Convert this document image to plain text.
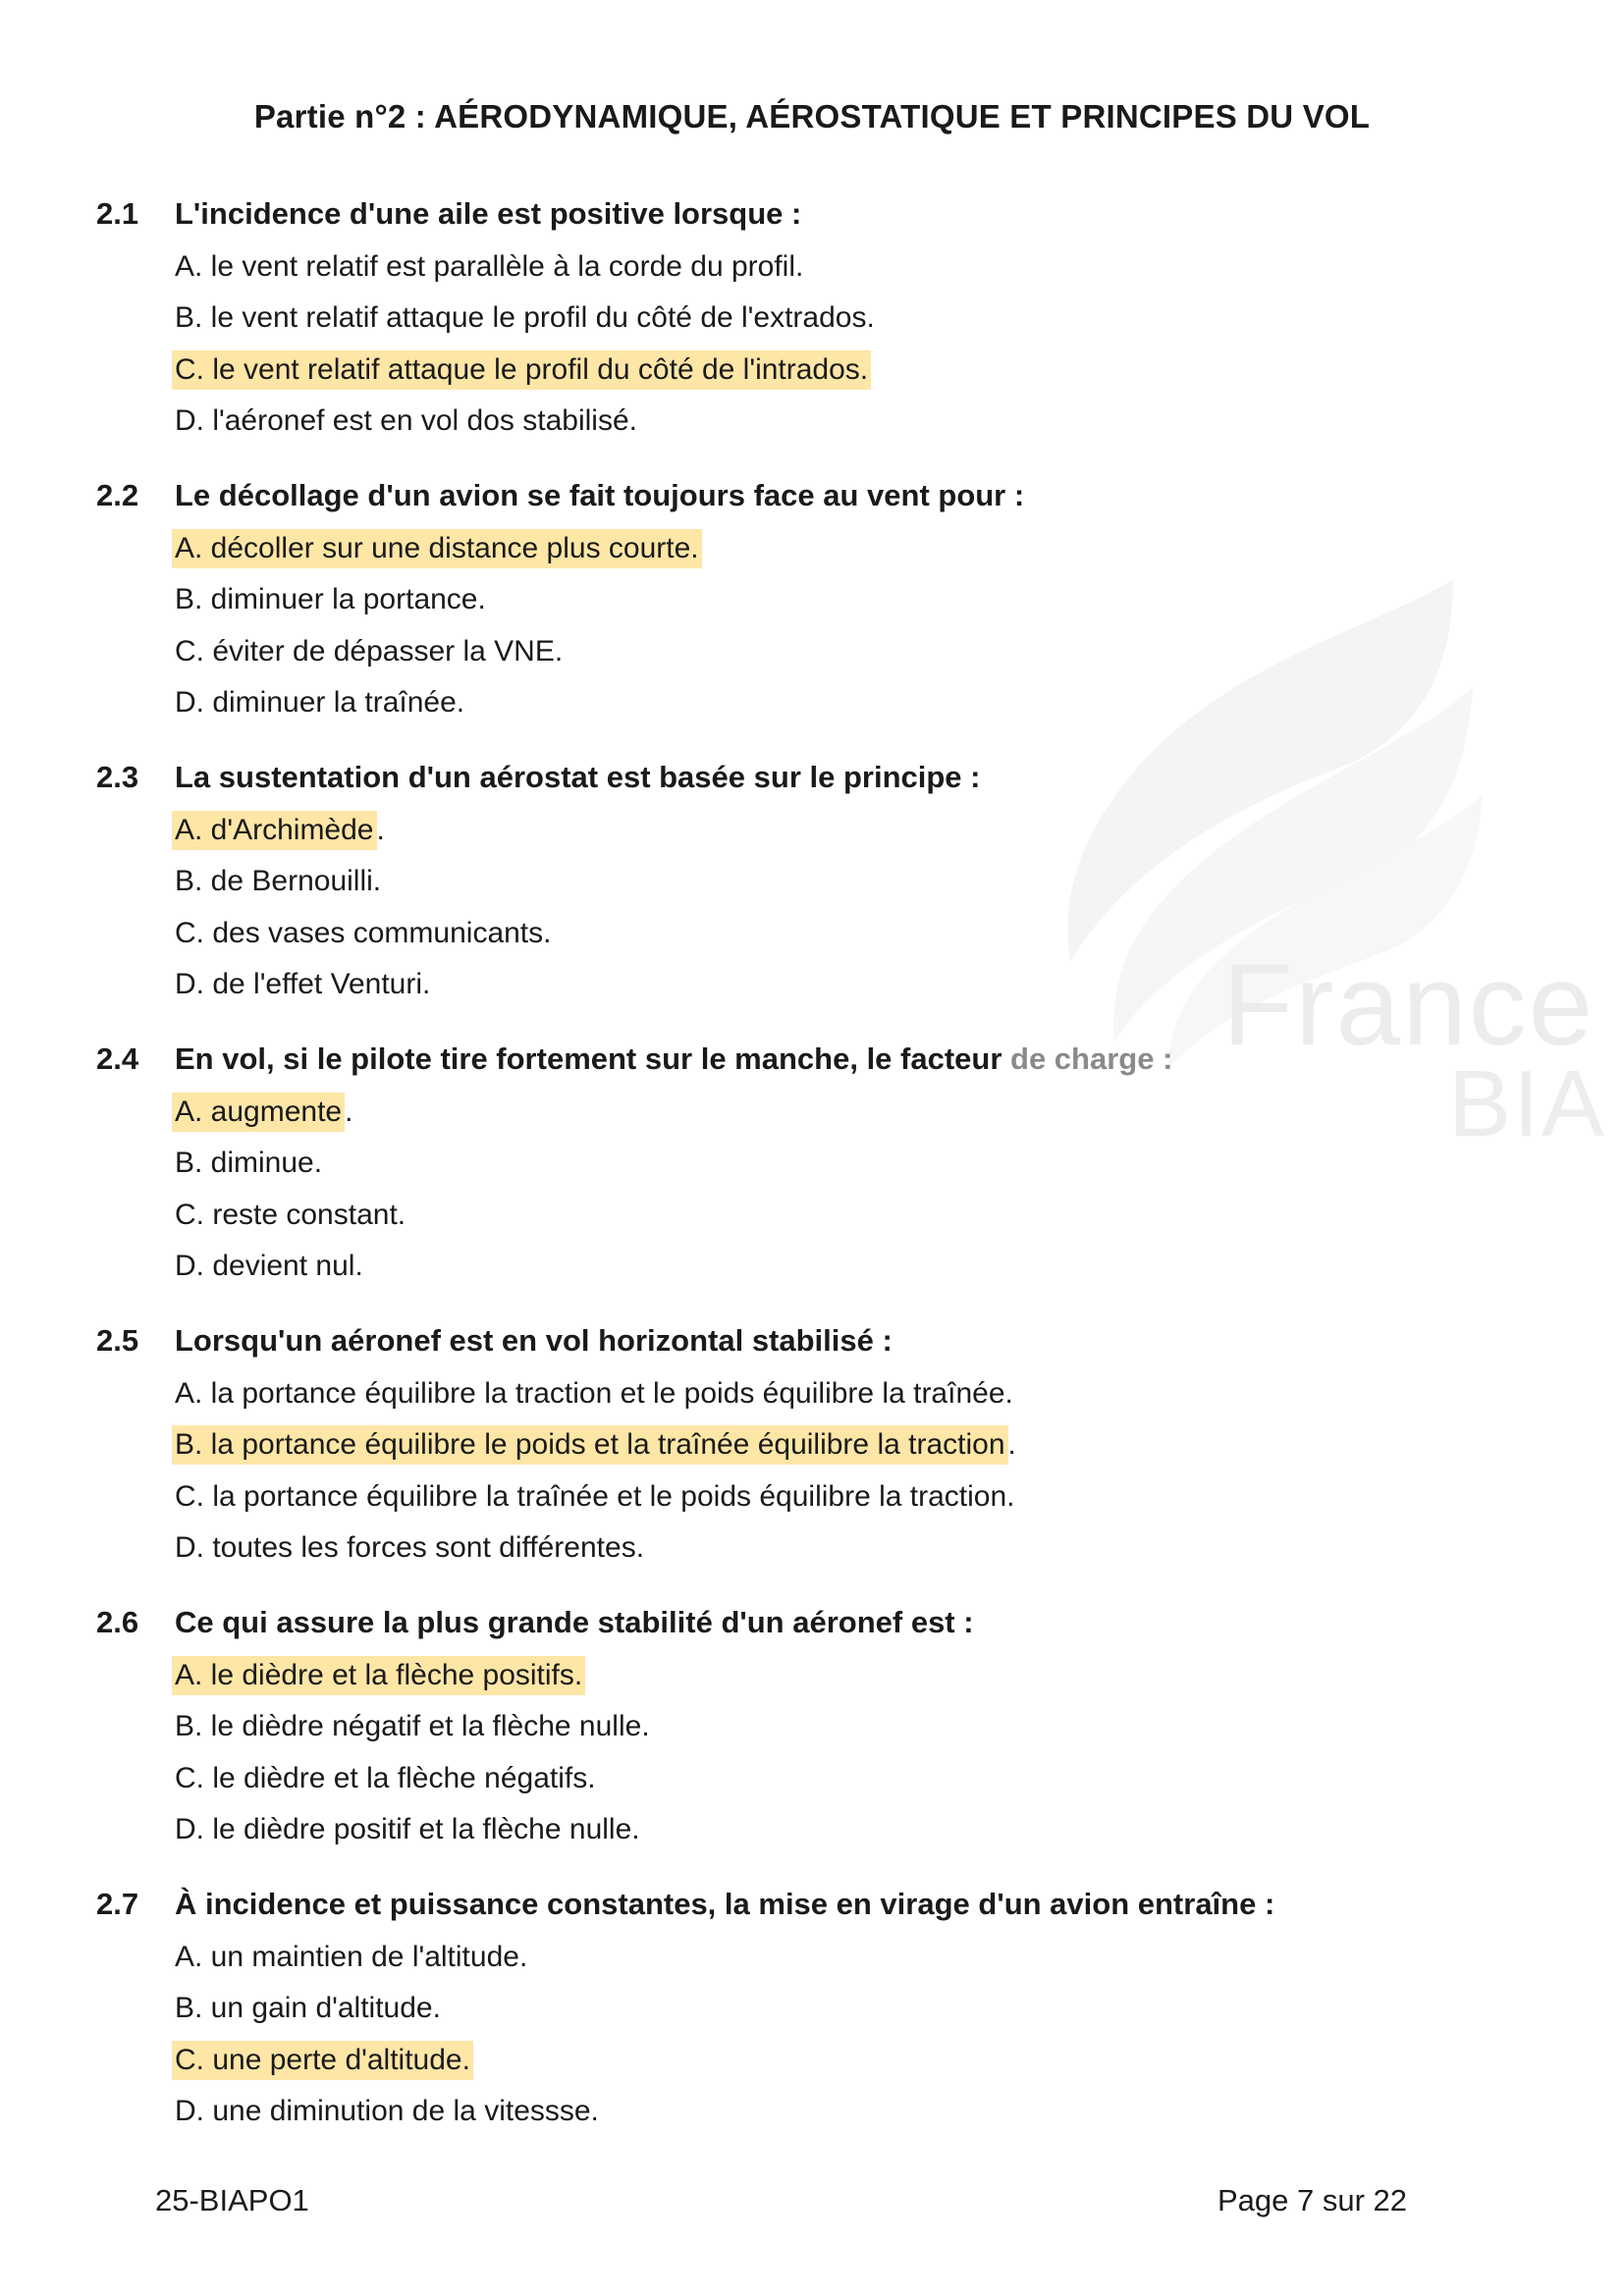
France
BIA
Partie n°2 : AÉRODYNAMIQUE, AÉROSTATIQUE ET PRINCIPES DU VOL
2.1 L'incidence d'une aile est positive lorsque :
A. le vent relatif est parallèle à la corde du profil.
B. le vent relatif attaque le profil du côté de l'extrados.
C. le vent relatif attaque le profil du côté de l'intrados.
D. l'aéronef est en vol dos stabilisé.
2.2 Le décollage d'un avion se fait toujours face au vent pour :
A. décoller sur une distance plus courte.
B. diminuer la portance.
C. éviter de dépasser la VNE.
D. diminuer la traînée.
2.3 La sustentation d'un aérostat est basée sur le principe :
A. d'Archimède .
B. de Bernouilli.
C. des vases communicants.
D. de l'effet Venturi.
2.4 En vol, si le pilote tire fortement sur le manche, le facteur de charge :
A. augmente .
B. diminue.
C. reste constant.
D. devient nul.
2.5 Lorsqu'un aéronef est en vol horizontal stabilisé :
A. la portance équilibre la traction et le poids équilibre la traînée.
B. la portance équilibre le poids et la traînée équilibre la traction .
C. la portance équilibre la traînée et le poids équilibre la traction.
D. toutes les forces sont différentes.
2.6 Ce qui assure la plus grande stabilité d'un aéronef est :
A. le dièdre et la flèche positifs.
B. le dièdre négatif et la flèche nulle.
C. le dièdre et la flèche négatifs.
D. le dièdre positif et la flèche nulle.
2.7 À incidence et puissance constantes, la mise en virage d'un avion entraîne :
A. un maintien de l'altitude.
B. un gain d'altitude.
C. une perte d'altitude.
D. une diminution de la vitessse.
25-BIAPO1	Page 7 sur 22
